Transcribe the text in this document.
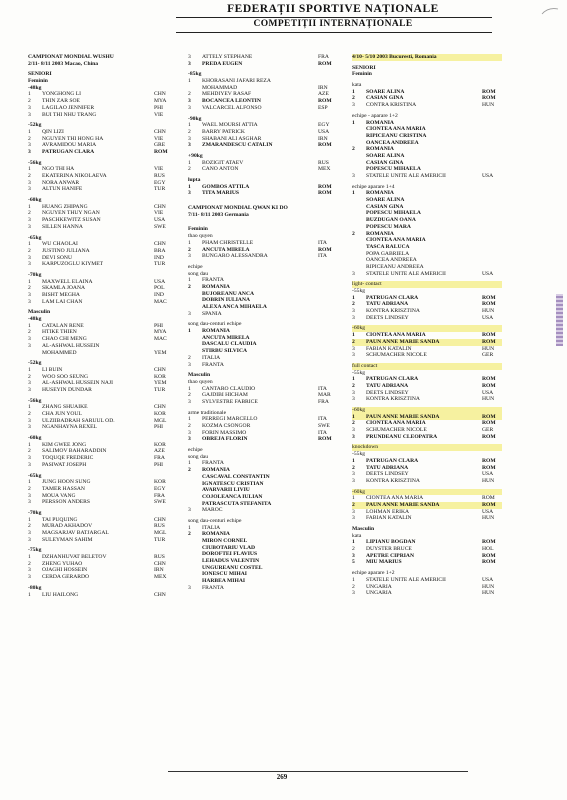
FEDERAȚII SPORTIVE NAȚIONALE
COMPETIȚII INTERNAȚIONALE
CAMPIONAT MONDIAL WUSHU
2/11- 8/11 2003 Macao, China
SENIORI
Feminin
-48kg
1	YONGHONG LI	CHN
2	THIN ZAR SOE	MYA
3	LAGILAO JENNIFER	PHI
3	BUI THI NHU TRANG	VIE
-52kg
1	QIN LIZI	CHN
2	NGUYEN THI HONG HA	VIE
3	AVRAMIDOU MARIA	GRE
3	PATRUGAN CLARA	ROM
-56kg
1	NGO THI HA	VIE
2	EKATERINA NIKOLAEVA	RUS
3	NORA ANWAR	EGY
3	ALTUN HANIFE	TUR
-60kg
1	HUANG ZHIPANG	CHN
2	NGUYEN THUY NGAN	VIE
3	PASCHKEWITZ SUSAN	USA
3	SILLEN HANNA	SWE
-65kg
1	WU CHAOLAI	CHN
2	JUSTINO JULIANA	BRA
3	DEVI SONU	IND
3	KARPUZOGLU KIYMET	TUR
-70kg
1	MAXWELL ELAINA	USA
2	SKAMLA JOANA	POL
3	BISHT MEGHA	IND
3	LAM LAI CHAN	MAC
Masculin
-48kg
1	CATALAN RENE	PHI
2	HTIKE THIEN	MYA
3	CHAO CHI MENG	MAC
3	AL-ASHWAL HUSSEIN
MOHAMMED	YEM
-52kg
1	LI BUIN	CHN
2	WOO SOO SEUNG	KOR
3	AL-ASHWAL HUSSEIN NAJI	YEM
3	HUSEYIN DUNDAR	TUR
-56kg
1	ZHANG SHUAIKE	CHN
2	CHA JUN YOUL	KOR
3	ULZIIBADRAH SARUUL OD.	MGL
3	NGANHAYNA REXEL	PHI
-60kg
1	KIM GWEE JONG	KOR
2	SALIMOV BAHARADDIN	AZE
3	TOQUQE FREDERIC	FRA
3	PASIWAT JOSEPH	PHI
-65kg
1	JUNG HOON SUNG	KOR
2	TAMER HASSAN	EGY
3	MOUA VANG	FRA
3	PERSSON ANDERS	SWE
-70kg
1	TAI PUQUING	CHN
2	MURAD AKHADOV	RUS
3	MAGSARJAV BATJARGAL	MGL
3	SULEYMAN SAHIM	TUR
-75kg
1	DZHANHUVAT BELETOV	RUS
2	ZHENG YUHAO	CHN
3	OJAGHI HOSSEIN	IRN
3	CERDA GERARDO	MEX
-80kg
1	LIU HAILONG	CHN
3	ATTELY STEPHANE	FRA
3	PREDA EUGEN	ROM
-85kg
1	KHORASANI JAFARI REZA
MOHAMMAD	IRN
2	MEHDIYEV RASAF	AZE
3	BOCANCEA LEONTIN	ROM
3	VALCARCEL ALFONSO	ESP
-90kg
1	WAEL MOURSI ATTIA	EGY
2	BARRY PATRICK	USA
3	SHABANI ALI ASGHAR	IRN
3	ZMARANDESCU CATALIN	ROM
+90kg
1	BOZIGIT ATAEV	RUS
2	CANO ANTON	MEX
lupta
1	GOMBOS ATTILA	ROM
3	TITA MARIUS	ROM
CAMPIONAT MONDIAL QWAN KI DO
7/11- 8/11 2003 Germania
Feminin
thao quyen
1	PHAM CHRISTELLE	ITA
2	ANCUTA MIRELA	ROM
3	BUNGARO ALESSANDRA	ITA
echipe
song dau
1	FRANTA
2	ROMANIA
BUJOREANU ANCA
DOBRIN IULIANA
ALEXA ANCA MIHAELA
3	SPANIA
song dau-centuri echipe
1	ROMANIA
ANCUTA MIRELA
DASCALU CLAUDIA
STIRBU SILVICA
2	ITALIA
3	FRANTA
Masculin
thao quyen
1	CANTARO CLAUDIO	ITA
2	GAJDIBI HICHAM	MAR
3	SYLVESTRE FABRICE	FRA
arme traditionale
1	PERREGI MARCELLO	ITA
2	KOZMA CSONGOR	SWE
3	FORIN MASSIMO	ITA
3	OBREJA FLORIN	ROM
echipe
song dau
1	FRANTA
2	ROMANIA
CASCAVAL CONSTANTIN
IGNATESCU CRISTIAN
AVARVARII LIVIU
COJOLEANCA IULIAN
PATRASCUTA STEFANITA
3	MAROC
song dau-centuri echipe
1	ITALIA
2	ROMANIA
MIRON CORNEL
CIUBOTARIU VLAD
DOROFTEI FLAVIUS
LEHADUS VALENTIN
UNGUREANU COSTEL
IONESCU MIHAI
HARBEA MIHAI
3	FRANTA
4/10- 5/10 2003 Bucuresti, Romania
SENIORI
Feminin
kata
1	SOARE ALINA	ROM
2	CASIAN GINA	ROM
3	CONTRA KRISTINA	HUN
echipe - aparare 1+2
1	ROMANIA
CIONTEA ANA MARIA
RIPICEANU CRISTINA
OANCEA ANDREEA
2	ROMANIA
SOARE ALINA
CASIAN GINA
POPESCU MIHAELA
3	STATELE UNITE ALE AMERICII	USA
echipe aparare 1+4
1	ROMANIA
SOARE ALINA
CASIAN GINA
POPESCU MIHAELA
BUZDUGAN OANA
POPESCU MARA
2	ROMANIA
CIONTEA ANA MARIA
TASCA RALUCA
POPA GABRIELA
OANCEA ANDREEA
RIPICEANU ANDREEA
3	STATELE UNITE ALE AMERICII	USA
light- contact
-55kg
1	PATRUGAN CLARA	ROM
2	TATU ADRIANA	ROM
3	KONTRA KRISZTINA	HUN
3	DEETS LINDSEY	USA
-60kg
1	CIONTEA ANA MARIA	ROM
2	PAUN ANNE MARIE SANDA	ROM
3	FABIAN KATALIN	HUN
3	SCHUMACHER NICOLE	GER
full contact
-55kg
1	PATRUGAN CLARA	ROM
2	TATU ADRIANA	ROM
3	DEETS LINDSEY	USA
3	KONTRA KRISZTINA	HUN
-60kg
1	PAUN ANNE MARIE SANDA	ROM
2	CIONTEA ANA MARIA	ROM
3	SCHUMACHER NICOLE	GER
3	PRUNDEANU CLEOPATRA	ROM
knockdown
-55kg
1	PATRUGAN CLARA	ROM
2	TATU ADRIANA	ROM
3	DEETS LINDSEY	USA
3	KONTRA KRISZTINA	HUN
-60kg
1	CIONTEA ANA MARIA	ROM
2	PAUN ANNE MARIE SANDA	ROM
3	LOHMAN ERIKA	USA
3	FABIAN KATALIN	HUN
Masculin
kata
1	LIPIANU BOGDAN	ROM
2	DUYSTER BRUCE	HOL
3	APETRE CIPRIAN	ROM
5	MIU MARIUS	ROM
echipe aparare 1+2
1	STATELE UNITE ALE AMERICII	USA
2	UNGARIA	HUN
3	UNGARIA	HUN
269
